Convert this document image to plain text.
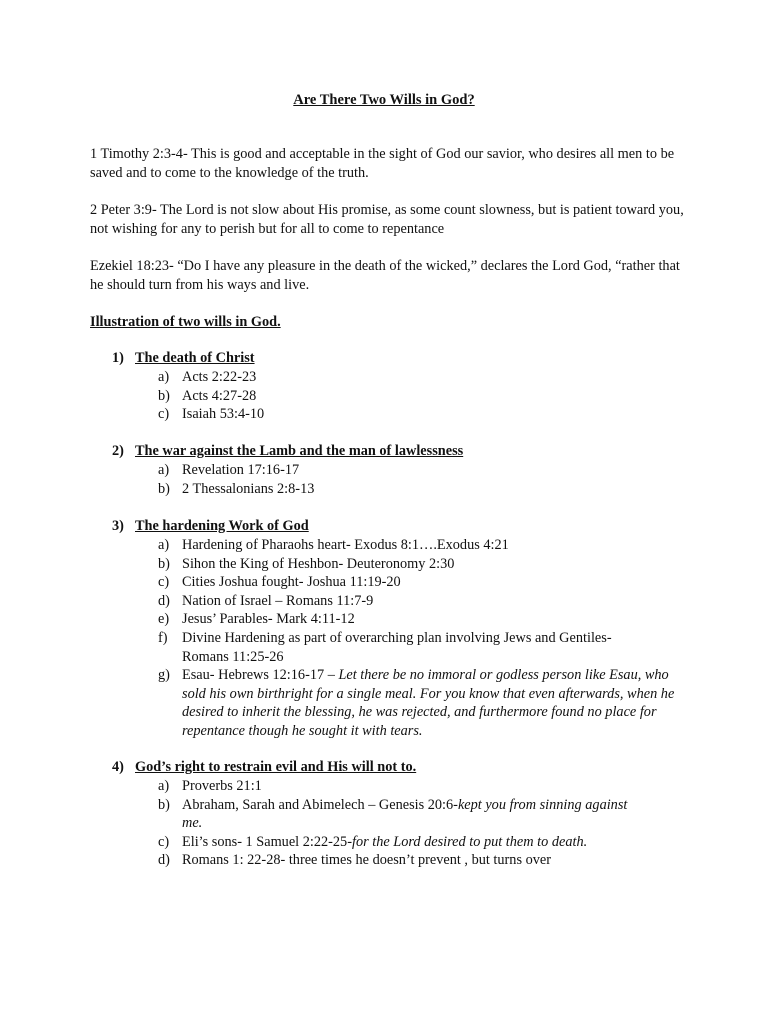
Are There Two Wills in God?
1 Timothy 2:3-4- This is good and acceptable in the sight of God our savior, who desires all men to be saved and to come to the knowledge of the truth.
2 Peter 3:9- The Lord is not slow about His promise, as some count slowness, but is patient toward you, not wishing for any to perish but for all to come to repentance
Ezekiel 18:23- “Do I have any pleasure in the death of the wicked,” declares the Lord God, “rather that he should turn from his ways and live.
Illustration of two wills in God.
1) The death of Christ
a) Acts 2:22-23
b) Acts 4:27-28
c) Isaiah 53:4-10
2) The war against the Lamb and the man of lawlessness
a) Revelation 17:16-17
b) 2 Thessalonians 2:8-13
3) The hardening Work of God
a) Hardening of Pharaohs heart- Exodus 8:1….Exodus 4:21
b) Sihon the King of Heshbon- Deuteronomy 2:30
c) Cities Joshua fought- Joshua 11:19-20
d) Nation of Israel – Romans 11:7-9
e) Jesus’ Parables- Mark 4:11-12
f)	Divine Hardening as part of overarching plan involving Jews and Gentiles- Romans 11:25-26
g) Esau- Hebrews 12:16-17 – Let there be no immoral or godless person like Esau, who sold his own birthright for a single meal. For you know that even afterwards, when he desired to inherit the blessing, he was rejected, and furthermore found no place for repentance though he sought it with tears.
4) God’s right to restrain evil and His will not to.
a) Proverbs 21:1
b) Abraham, Sarah and Abimelech – Genesis 20:6-kept you from sinning against me.
c) Eli’s sons- 1 Samuel 2:22-25-for the Lord desired to put them to death.
d) Romans 1: 22-28- three times he doesn’t prevent , but turns over
